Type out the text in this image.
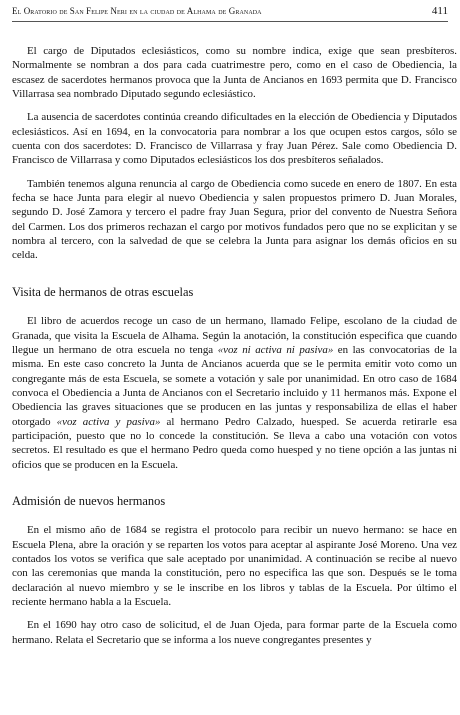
El Oratorio de San Felipe Neri en la ciudad de Alhama de Granada	411

El cargo de Diputados eclesiásticos, como su nombre indica, exige que sean presbíteros. Normalmente se nombran a dos para cada cuatrimestre pero, como en el caso de Obediencia, la escasez de sacerdotes hermanos provoca que la Junta de Ancianos en 1693 permita que D. Francisco Villarrasa sea nombrado Diputado segundo eclesiástico.

La ausencia de sacerdotes continúa creando dificultades en la elección de Obediencia y Diputados eclesiásticos. Así en 1694, en la convocatoria para nombrar a los que ocupen estos cargos, sólo se cuenta con dos sacerdotes: D. Francisco de Villarrasa y fray Juan Pérez. Sale como Obediencia D. Francisco de Villarrasa y como Diputados eclesiásticos los dos presbíteros señalados.

También tenemos alguna renuncia al cargo de Obediencia como sucede en enero de 1807. En esta fecha se hace Junta para elegir al nuevo Obediencia y salen propuestos primero D. Juan Morales, segundo D. José Zamora y tercero el padre fray Juan Segura, prior del convento de Nuestra Señora del Carmen. Los dos primeros rechazan el cargo por motivos fundados pero que no se explicitan y se nombra al tercero, con la salvedad de que se celebra la Junta para asignar los demás oficios en su celda.

Visita de hermanos de otras escuelas

El libro de acuerdos recoge un caso de un hermano, llamado Felipe, escolano de la ciudad de Granada, que visita la Escuela de Alhama. Según la anotación, la constitución especifica que cuando llegue un hermano de otra escuela no tenga «voz ni activa ni pasiva» en las convocatorias de la misma. En este caso concreto la Junta de Ancianos acuerda que se le permita emitir voto como un congregante más de esta Escuela, se somete a votación y sale por unanimidad. En otro caso de 1684 convoca el Obediencia a Junta de Ancianos con el Secretario incluido y 11 hermanos más. Expone el Obediencia las graves situaciones que se producen en las juntas y responsabiliza de ellas el haber otorgado «voz activa y pasiva» al hermano Pedro Calzado, huesped. Se acuerda retirarle esa participación, puesto que no lo concede la constitución. Se lleva a cabo una votación con votos secretos. El resultado es que el hermano Pedro queda como huesped y no tiene opción a las juntas ni oficios que se producen en la Escuela.

Admisión de nuevos hermanos

En el mismo año de 1684 se registra el protocolo para recibir un nuevo hermano: se hace en Escuela Plena, abre la oración y se reparten los votos para aceptar al aspirante José Moreno. Una vez contados los votos se verifica que sale aceptado por unanimidad. A continuación se recibe al nuevo con las ceremonias que manda la constitución, pero no especifica las que son. Después se le toma declaración al nuevo miembro y se le inscribe en los libros y tablas de la Escuela. Por último el reciente hermano habla a la Escuela.

En el 1690 hay otro caso de solicitud, el de Juan Ojeda, para formar parte de la Escuela como hermano. Relata el Secretario que se informa a los nueve congregantes presentes y
